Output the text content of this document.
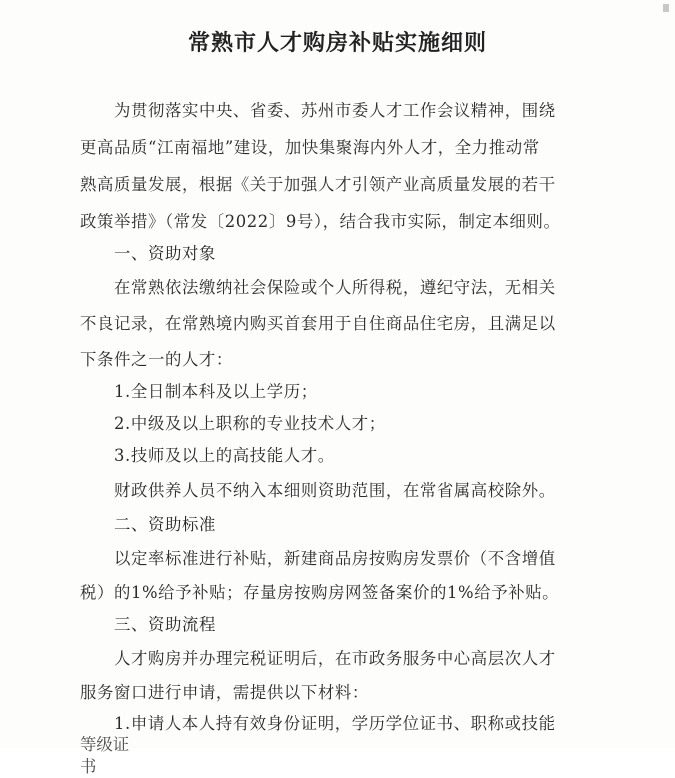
常熟市人才购房补贴实施细则
为贯彻落实中央、省委、苏州市委人才工作会议精神，围绕
更高品质“江南福地”建设，加快集聚海内外人才，全力推动常
熟高质量发展，根据《关于加强人才引领产业高质量发展的若干
政策举措》（常发〔2022〕9号），结合我市实际，制定本细则。
一、资助对象
在常熟依法缴纳社会保险或个人所得税，遵纪守法，无相关
不良记录，在常熟境内购买首套用于自住商品住宅房，且满足以
下条件之一的人才：
1.全日制本科及以上学历；
2.中级及以上职称的专业技术人才；
3.技师及以上的高技能人才。
财政供养人员不纳入本细则资助范围，在常省属高校除外。
二、资助标准
以定率标准进行补贴，新建商品房按购房发票价（不含增值
税）的1%给予补贴；存量房按购房网签备案价的1%给予补贴。
三、资助流程
人才购房并办理完税证明后，在市政务服务中心高层次人才
服务窗口进行申请，需提供以下材料：
1.申请人本人持有效身份证明，学历学位证书、职称或技能
等级证书
